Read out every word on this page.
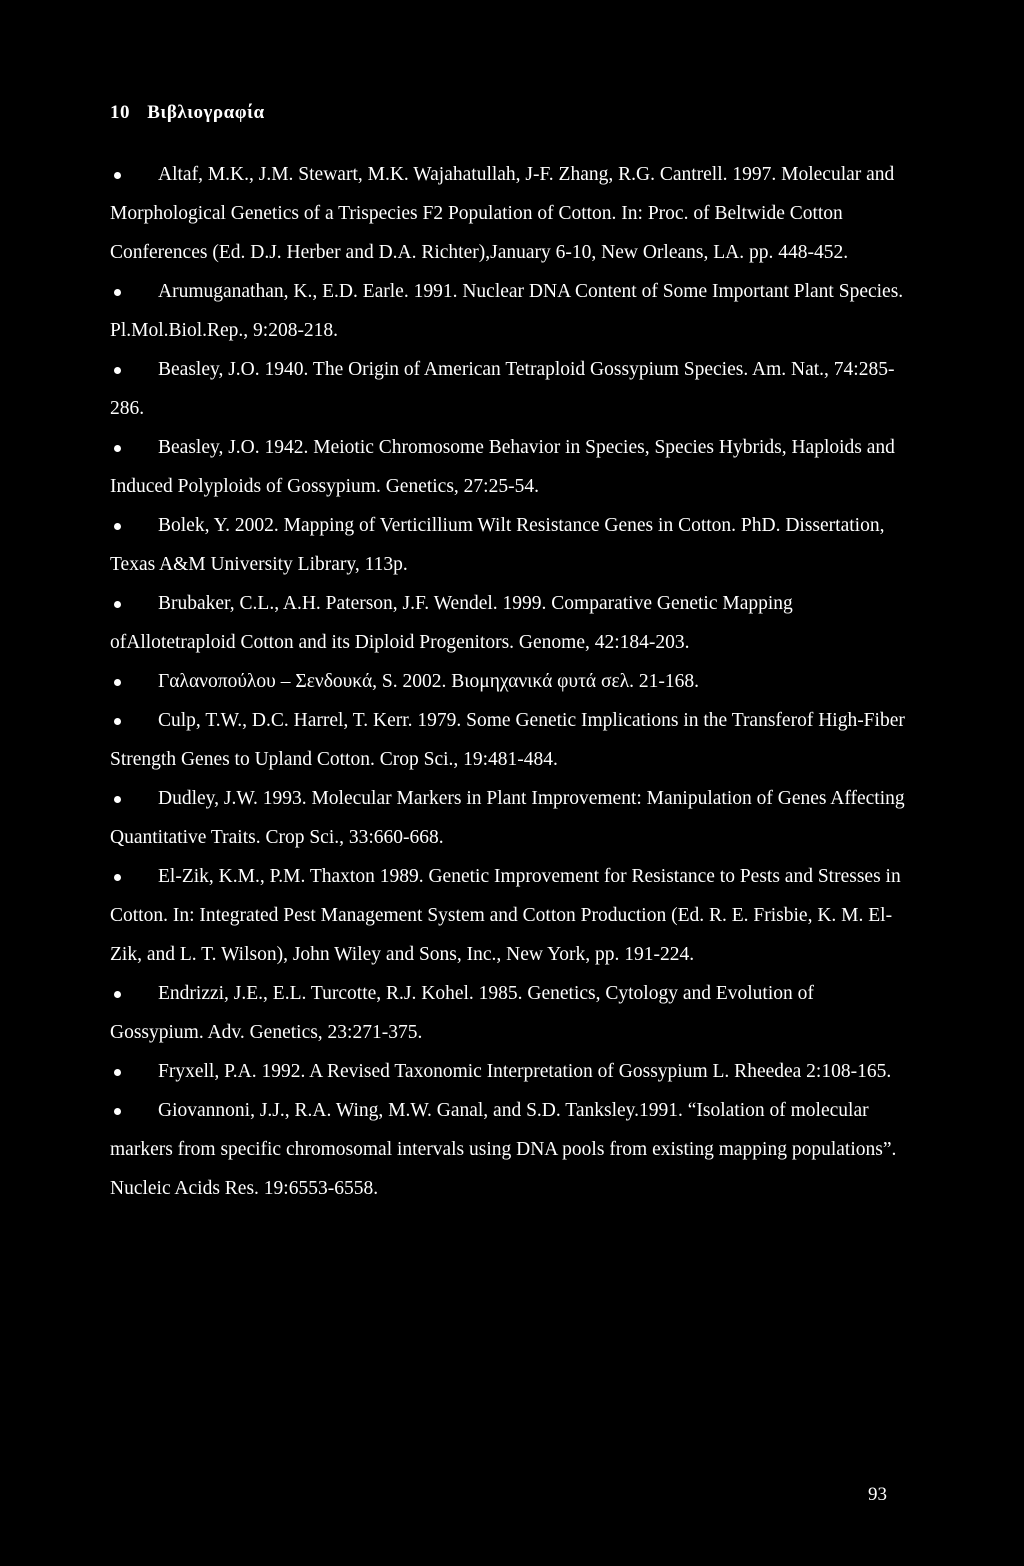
10 Βιβλιογραφία
Altaf, M.K., J.M. Stewart, M.K. Wajahatullah, J-F. Zhang, R.G. Cantrell. 1997. Molecular and Morphological Genetics of a Trispecies F2 Population of Cotton. In: Proc. of Beltwide Cotton Conferences (Ed. D.J. Herber and D.A. Richter),January 6-10, New Orleans, LA. pp. 448-452.
Arumuganathan, K., E.D. Earle. 1991. Nuclear DNA Content of Some Important Plant Species. Pl.Mol.Biol.Rep., 9:208-218.
Beasley, J.O. 1940. The Origin of American Tetraploid Gossypium Species. Am. Nat., 74:285-286.
Beasley, J.O. 1942. Meiotic Chromosome Behavior in Species, Species Hybrids, Haploids and Induced Polyploids of Gossypium. Genetics, 27:25-54.
Bolek, Y. 2002. Mapping of Verticillium Wilt Resistance Genes in Cotton. PhD. Dissertation, Texas A&M University Library, 113p.
Brubaker, C.L., A.H. Paterson, J.F. Wendel. 1999. Comparative Genetic Mapping ofAllotetraploid Cotton and its Diploid Progenitors. Genome, 42:184-203.
Γαλανοπούλου – Σενδουκά, S. 2002. Βιομηχανικά φυτά σελ. 21-168.
Culp, T.W., D.C. Harrel, T. Kerr. 1979. Some Genetic Implications in the Transferof High-Fiber Strength Genes to Upland Cotton. Crop Sci., 19:481-484.
Dudley, J.W. 1993. Molecular Markers in Plant Improvement: Manipulation of Genes Affecting Quantitative Traits. Crop Sci., 33:660-668.
El-Zik, K.M., P.M. Thaxton 1989. Genetic Improvement for Resistance to Pests and Stresses in Cotton. In: Integrated Pest Management System and Cotton Production (Ed. R. E. Frisbie, K. M. El-Zik, and L. T. Wilson), John Wiley and Sons, Inc., New York, pp. 191-224.
Endrizzi, J.E., E.L. Turcotte, R.J. Kohel. 1985. Genetics, Cytology and Evolution of Gossypium. Adv. Genetics, 23:271-375.
Fryxell, P.A. 1992. A Revised Taxonomic Interpretation of Gossypium L. Rheedea 2:108-165.
Giovannoni, J.J., R.A. Wing, M.W. Ganal, and S.D. Tanksley.1991. “Isolation of molecular markers from specific chromosomal intervals using DNA pools from existing mapping populations”. Nucleic Acids Res. 19:6553-6558.
93
